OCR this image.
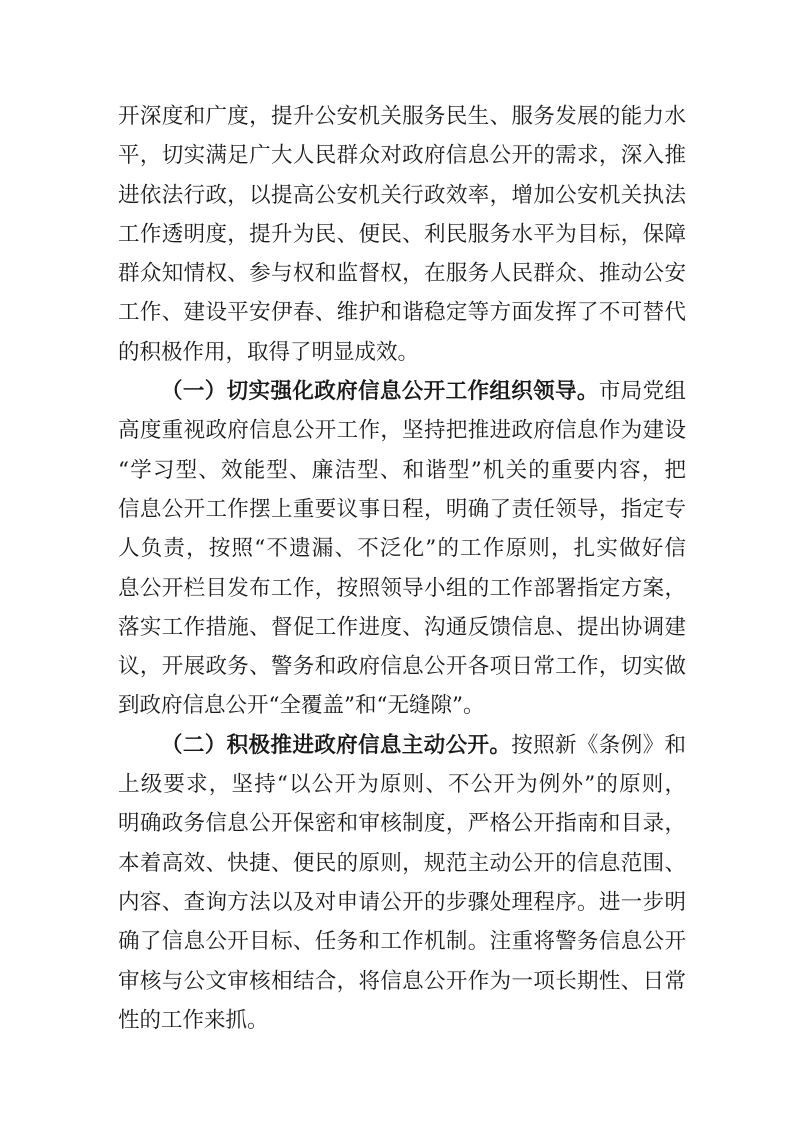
开深度和广度，提升公安机关服务民生、服务发展的能力水
平，切实满足广大人民群众对政府信息公开的需求，深入推
进依法行政，以提高公安机关行政效率，增加公安机关执法
工作透明度，提升为民、便民、利民服务水平为目标，保障
群众知情权、参与权和监督权，在服务人民群众、推动公安
工作、建设平安伊春、维护和谐稳定等方面发挥了不可替代
的积极作用，取得了明显成效。
（一）切实强化政府信息公开工作组织领导。市局党组
高度重视政府信息公开工作，坚持把推进政府信息作为建设
“学习型、效能型、廉洁型、和谐型”机关的重要内容，把
信息公开工作摆上重要议事日程，明确了责任领导，指定专
人负责，按照“不遗漏、不泛化”的工作原则，扎实做好信
息公开栏目发布工作，按照领导小组的工作部署指定方案，
落实工作措施、督促工作进度、沟通反馈信息、提出协调建
议，开展政务、警务和政府信息公开各项日常工作，切实做
到政府信息公开“全覆盖”和“无缝隙”。
（二）积极推进政府信息主动公开。按照新《条例》和
上级要求，坚持“以公开为原则、不公开为例外”的原则，
明确政务信息公开保密和审核制度，严格公开指南和目录，
本着高效、快捷、便民的原则，规范主动公开的信息范围、
内容、查询方法以及对申请公开的步骤处理程序。进一步明
确了信息公开目标、任务和工作机制。注重将警务信息公开
审核与公文审核相结合，将信息公开作为一项长期性、日常
性的工作来抓。
